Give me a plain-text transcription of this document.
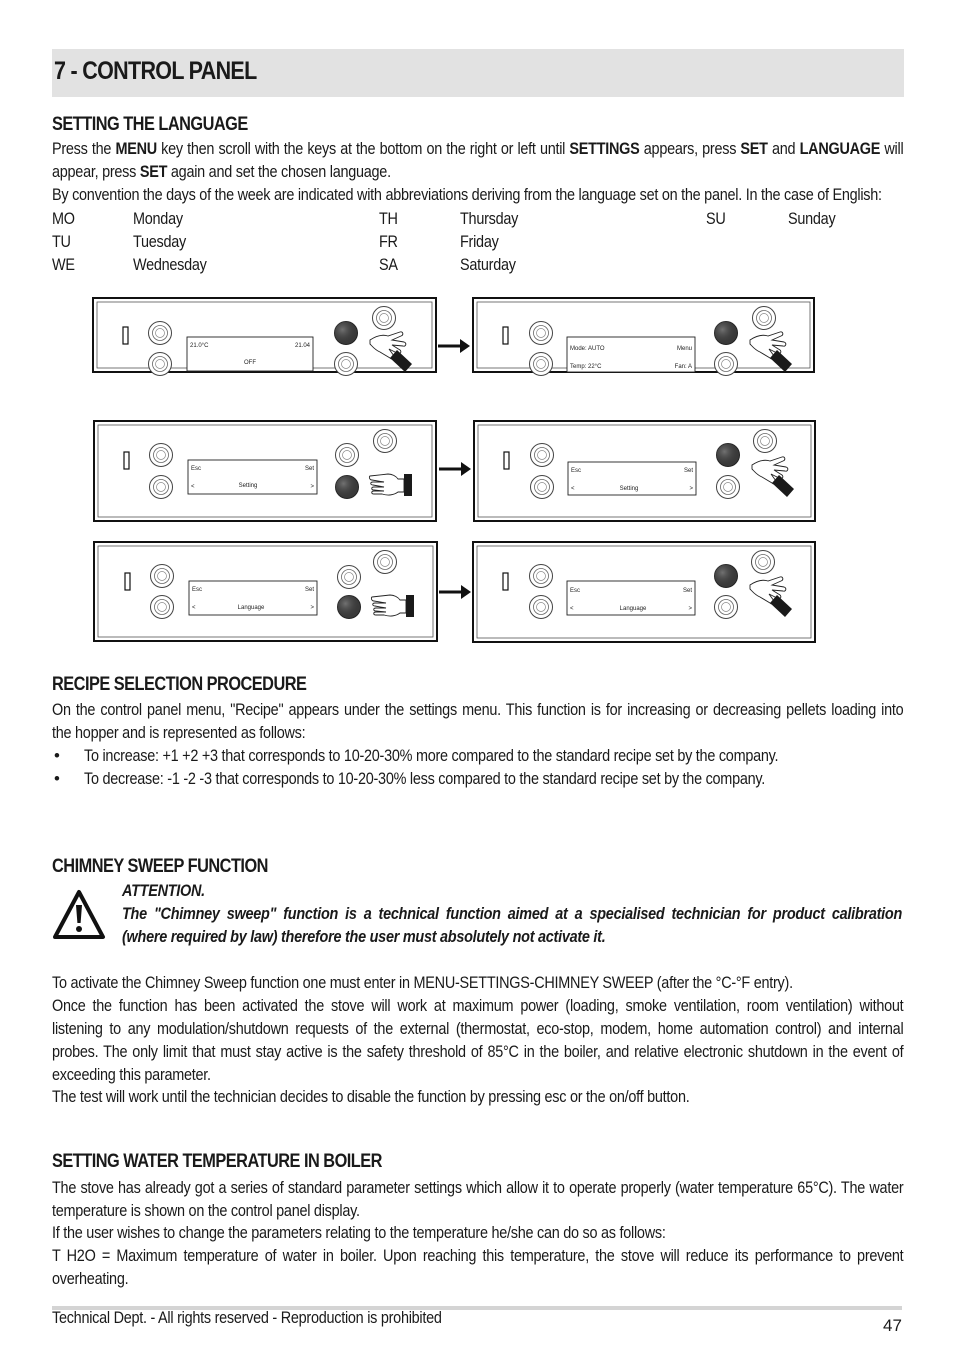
7 - CONTROL PANEL
SETTING THE LANGUAGE
Press the MENU key then scroll with the keys at the bottom on the right or left until SETTINGS appears, press SET and LANGUAGE will
appear, press SET again and set the chosen language.
By convention the days of the week are indicated with abbreviations deriving from the language set on the panel. In the case of English:
MO	Monday
TU	Tuesday
WE	Wednesday
TH	Thursday
FR	Friday
SA	Saturday
SU	Sunday
21.0°C	21.04
OFF
Mode: AUTO	Menu
Temp: 22°C	Fan: A
Esc	Set
<	Setting	>
Esc	Set
<	Setting	>
Esc	Set
<	Language	>
Esc	Set
<	Language	>
RECIPE SELECTION PROCEDURE
On the control panel menu, "Recipe" appears under the settings menu. This function is for increasing or decreasing pellets loading into
the hopper and is represented as follows:
• To increase: +1 +2 +3 that corresponds to 10-20-30% more compared to the standard recipe set by the company.
• To decrease: -1 -2 -3 that corresponds to 10-20-30% less compared to the standard recipe set by the company.
CHIMNEY SWEEP FUNCTION
ATTENTION.
The "Chimney sweep" function is a technical function aimed at a specialised technician for product calibration
(where required by law) therefore the user must absolutely not activate it.
To activate the Chimney Sweep function one must enter in MENU-SETTINGS-CHIMNEY SWEEP (after the °C-°F entry).
Once the function has been activated the stove will work at maximum power (loading, smoke ventilation, room ventilation) without
listening to any modulation/shutdown requests of the external (thermostat, eco-stop, modem, home automation control) and internal
probes. The only limit that must stay active is the safety threshold of 85°C in the boiler, and relative electronic shutdown in the event of
exceeding this parameter.
The test will work until the technician decides to disable the function by pressing esc or the on/off button.
SETTING WATER TEMPERATURE IN BOILER
The stove has already got a series of standard parameter settings which allow it to operate properly (water temperature 65°C). The water
temperature is shown on the control panel display.
If the user wishes to change the parameters relating to the temperature he/she can do so as follows:
T H2O = Maximum temperature of water in boiler. Upon reaching this temperature, the stove will reduce its performance to prevent
overheating.
Technical Dept. - All rights reserved - Reproduction is prohibited	47
